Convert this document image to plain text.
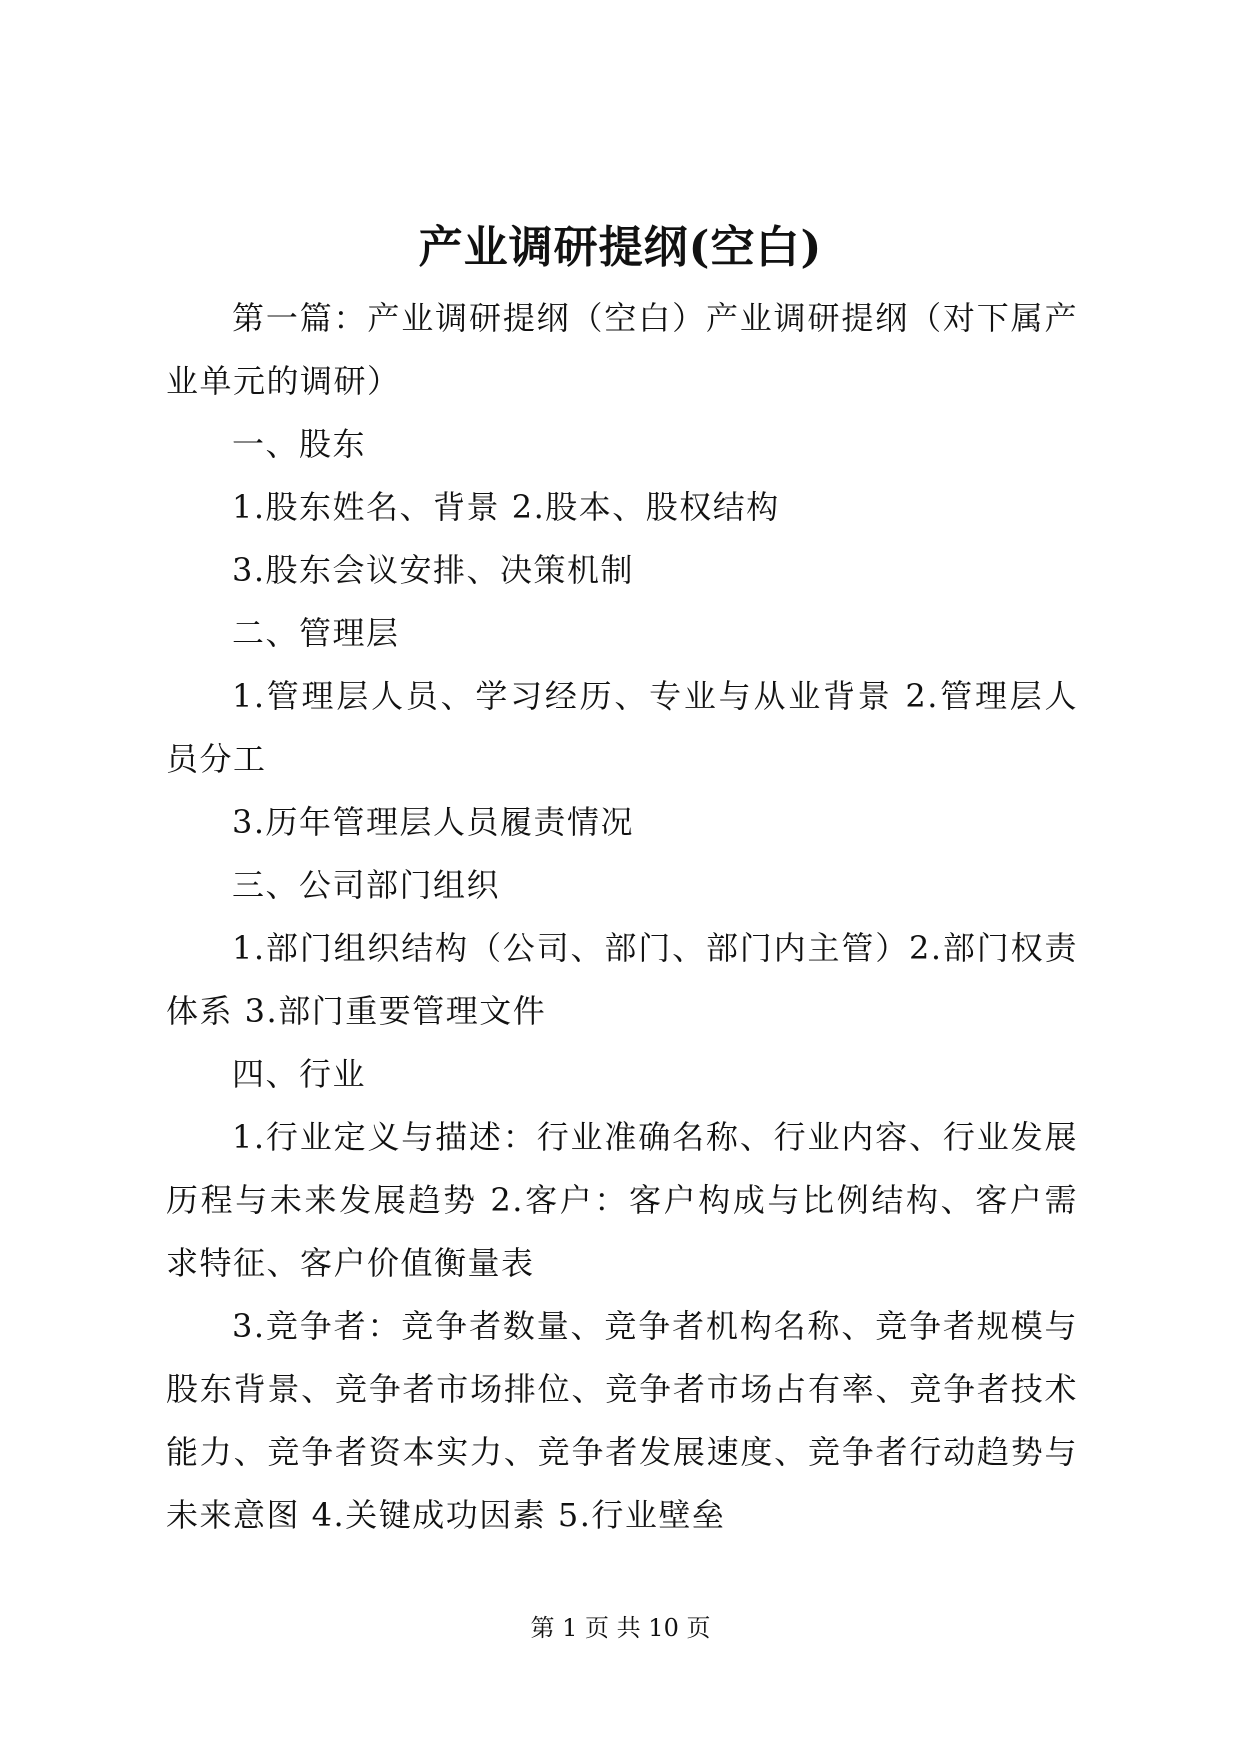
产业调研提纲(空白)

第一篇：产业调研提纲（空白）产业调研提纲（对下属产业单元的调研）

一、股东

1.股东姓名、背景 2.股本、股权结构

3.股东会议安排、决策机制

二、管理层

1.管理层人员、学习经历、专业与从业背景 2.管理层人员分工

3.历年管理层人员履责情况

三、公司部门组织

1.部门组织结构（公司、部门、部门内主管）2.部门权责体系 3.部门重要管理文件

四、行业

1.行业定义与描述：行业准确名称、行业内容、行业发展历程与未来发展趋势 2.客户：客户构成与比例结构、客户需求特征、客户价值衡量表

3.竞争者：竞争者数量、竞争者机构名称、竞争者规模与股东背景、竞争者市场排位、竞争者市场占有率、竞争者技术能力、竞争者资本实力、竞争者发展速度、竞争者行动趋势与未来意图 4.关键成功因素 5.行业壁垒

第 1 页 共 10 页
